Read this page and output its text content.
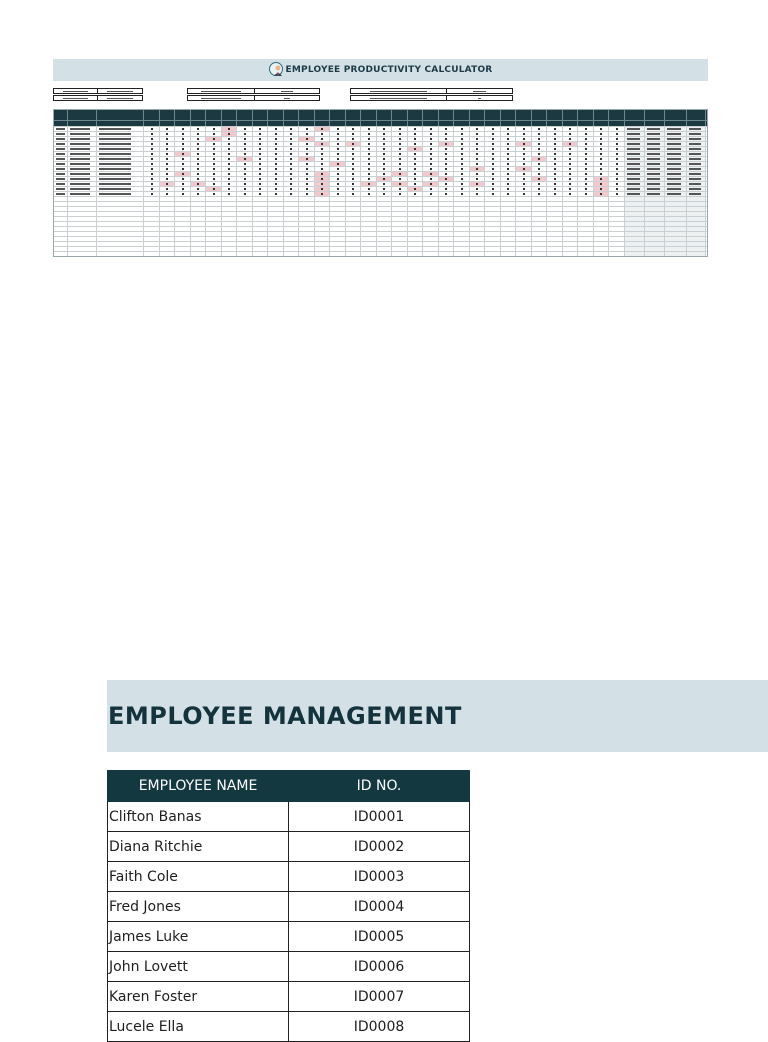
EMPLOYEE PRODUCTIVITY CALCULATOR
EMPLOYEE MANAGEMENT
EMPLOYEE NAME	ID NO.
Clifton Banas	ID0001
Diana Ritchie	ID0002
Faith Cole	ID0003
Fred Jones	ID0004
James Luke	ID0005
John Lovett	ID0006
Karen Foster	ID0007
Lucele Ella	ID0008
